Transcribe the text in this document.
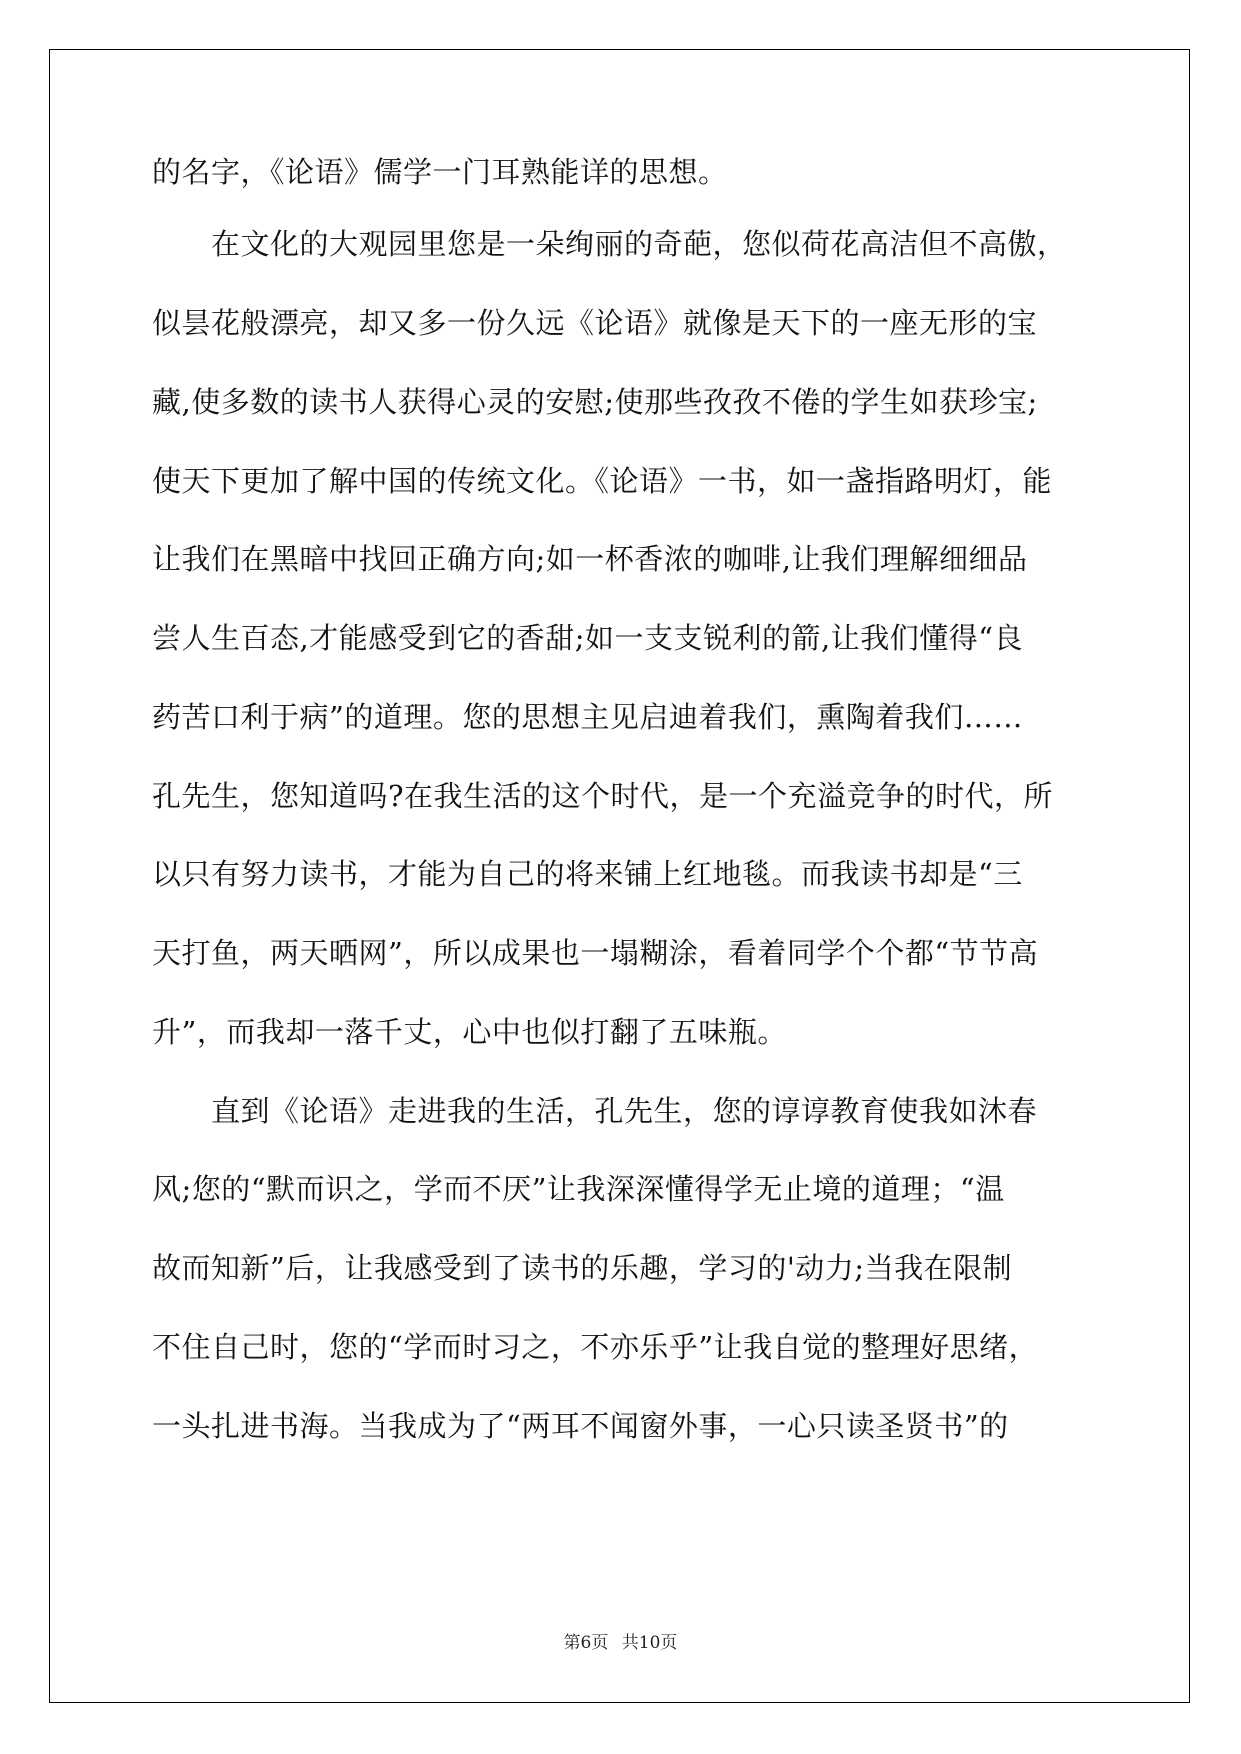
的名字，《论语》儒学一门耳熟能详的思想。
　　在文化的大观园里您是一朵绚丽的奇葩，您似荷花高洁但不高傲，
似昙花般漂亮，却又多一份久远《论语》就像是天下的一座无形的宝
藏,使多数的读书人获得心灵的安慰;使那些孜孜不倦的学生如获珍宝;
使天下更加了解中国的传统文化。《论语》一书，如一盏指路明灯，能
让我们在黑暗中找回正确方向;如一杯香浓的咖啡,让我们理解细细品
尝人生百态,才能感受到它的香甜;如一支支锐利的箭,让我们懂得“良
药苦口利于病”的道理。您的思想主见启迪着我们，熏陶着我们……
孔先生，您知道吗?在我生活的这个时代，是一个充溢竞争的时代，所
以只有努力读书，才能为自己的将来铺上红地毯。而我读书却是“三
天打鱼，两天晒网”，所以成果也一塌糊涂，看着同学个个都“节节高
升”，而我却一落千丈，心中也似打翻了五味瓶。
　　直到《论语》走进我的生活，孔先生，您的谆谆教育使我如沐春
风;您的“默而识之，学而不厌”让我深深懂得学无止境的道理；“温
故而知新”后，让我感受到了读书的乐趣，学习的'动力;当我在限制
不住自己时，您的“学而时习之，不亦乐乎”让我自觉的整理好思绪，
一头扎进书海。当我成为了“两耳不闻窗外事，一心只读圣贤书”的
第6页 共10页
